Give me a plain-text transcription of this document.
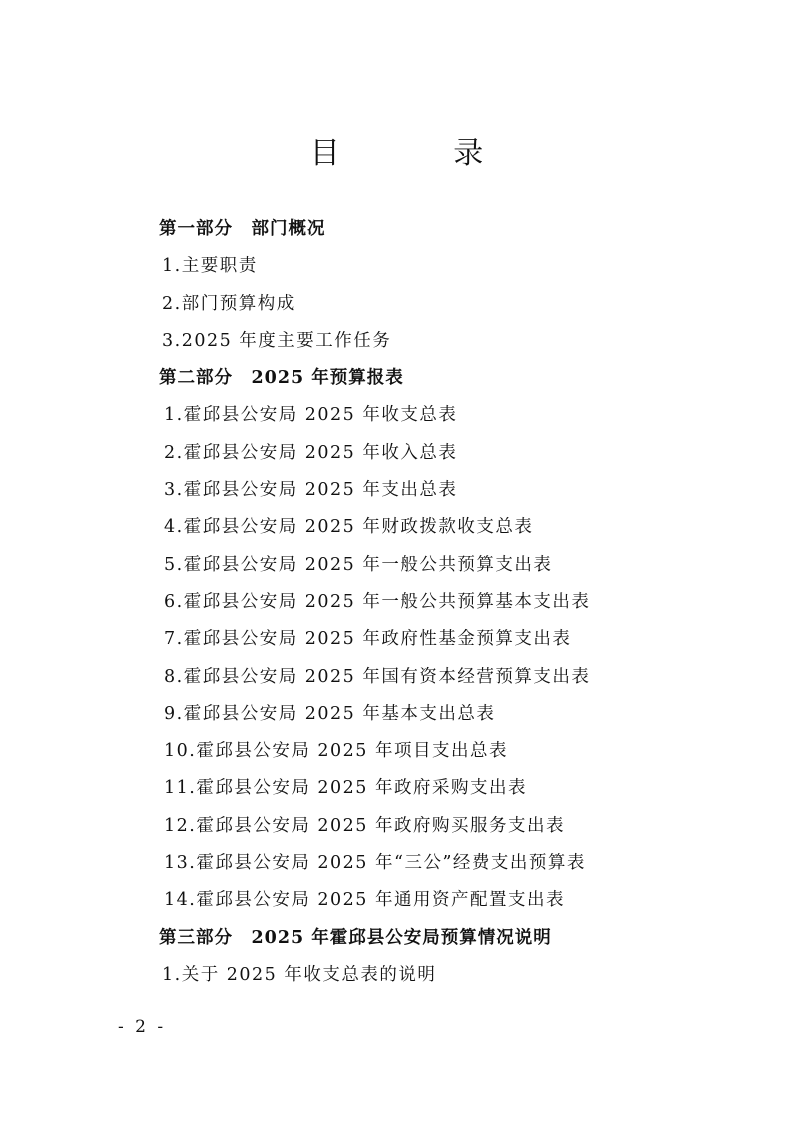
目 录
第一部分　部门概况
1.主要职责
2.部门预算构成
3.2025 年度主要工作任务
第二部分　2025 年预算报表
1.霍邱县公安局 2025 年收支总表
2.霍邱县公安局 2025 年收入总表
3.霍邱县公安局 2025 年支出总表
4.霍邱县公安局 2025 年财政拨款收支总表
5.霍邱县公安局 2025 年一般公共预算支出表
6.霍邱县公安局 2025 年一般公共预算基本支出表
7.霍邱县公安局 2025 年政府性基金预算支出表
8.霍邱县公安局 2025 年国有资本经营预算支出表
9.霍邱县公安局 2025 年基本支出总表
10.霍邱县公安局 2025 年项目支出总表
11.霍邱县公安局 2025 年政府采购支出表
12.霍邱县公安局 2025 年政府购买服务支出表
13.霍邱县公安局 2025 年“三公”经费支出预算表
14.霍邱县公安局 2025 年通用资产配置支出表
第三部分　2025 年霍邱县公安局预算情况说明
1.关于 2025 年收支总表的说明

- 2 -
